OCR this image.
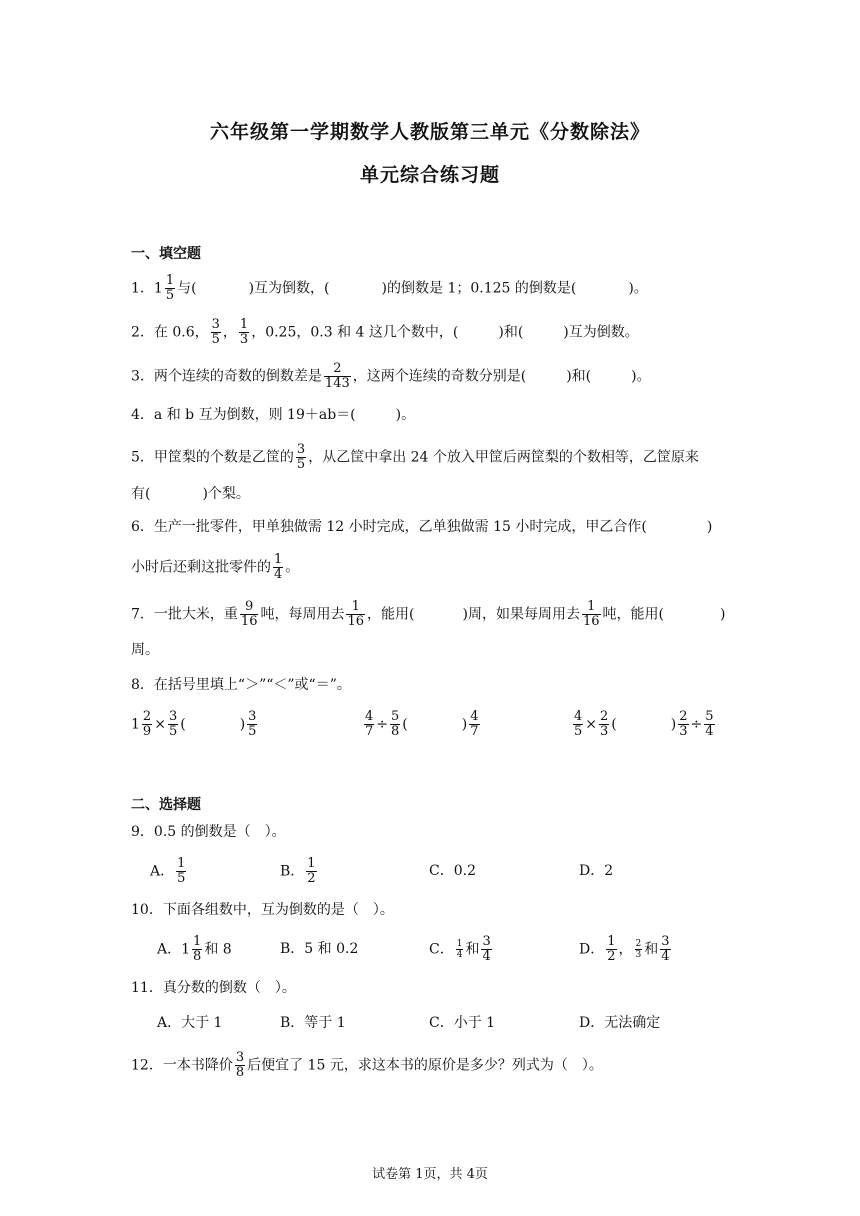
六年级第一学期数学人教版第三单元《分数除法》
单元综合练习题
一、填空题
1．$1 \frac{1}{5}$ 与(	)互为倒数，(	)的倒数是 1；0.125 的倒数是(	)。
2．在 0.6， $\frac{3}{5}$ ， $\frac{1}{3}$ ，0.25，0.3 和 4 这几个数中，(	)和(	)互为倒数。
3．两个连续的奇数的倒数差是 $\frac{2}{143}$ ，这两个连续的奇数分别是(	)和(	)。
4．a 和 b 互为倒数，则 19＋ab＝(	)。
5．甲筐梨的个数是乙筐的 $\frac{3}{5}$ ，从乙筐中拿出 24 个放入甲筐后两筐梨的个数相等，乙筐原来
有(	)个梨。
6．生产一批零件，甲单独做需 12 小时完成，乙单独做需 15 小时完成，甲乙合作(	)
小时后还剩这批零件的 $\frac{1}{4}$ 。
7．一批大米，重 $\frac{9}{16}$ 吨，每周用去 $\frac{1}{16}$ ，能用(	)周，如果每周用去 $\frac{1}{16}$ 吨，能用(	)
周。
8．在括号里填上“＞”“＜”或“＝”。
$1 \frac{2}{9} \times \frac{3}{5}$ (	) $\frac{3}{5}$	$\frac{4}{7} \div \frac{5}{8}$ (	) $\frac{4}{7}$	$\frac{4}{5} \times \frac{2}{3}$ (	) $\frac{2}{3} \div \frac{5}{4}$
二、选择题
9．0.5 的倒数是（　）。
A． $\frac{1}{5}$	B． $\frac{1}{2}$	C．0.2	D．2
10．下面各组数中，互为倒数的是（　）。
A．$1 \frac{1}{8}$ 和 8	B．5 和 0.2	C． $\frac{1}{4}$ 和 $\frac{3}{4}$	D． $\frac{1}{2}$ ， $\frac{2}{3}$ 和 $\frac{3}{4}$
11．真分数的倒数（　）。
A．大于 1	B．等于 1	C．小于 1	D．无法确定
12．一本书降价 $\frac{3}{8}$ 后便宜了 15 元，求这本书的原价是多少？列式为（　）。
试卷第 1页，共 4页
